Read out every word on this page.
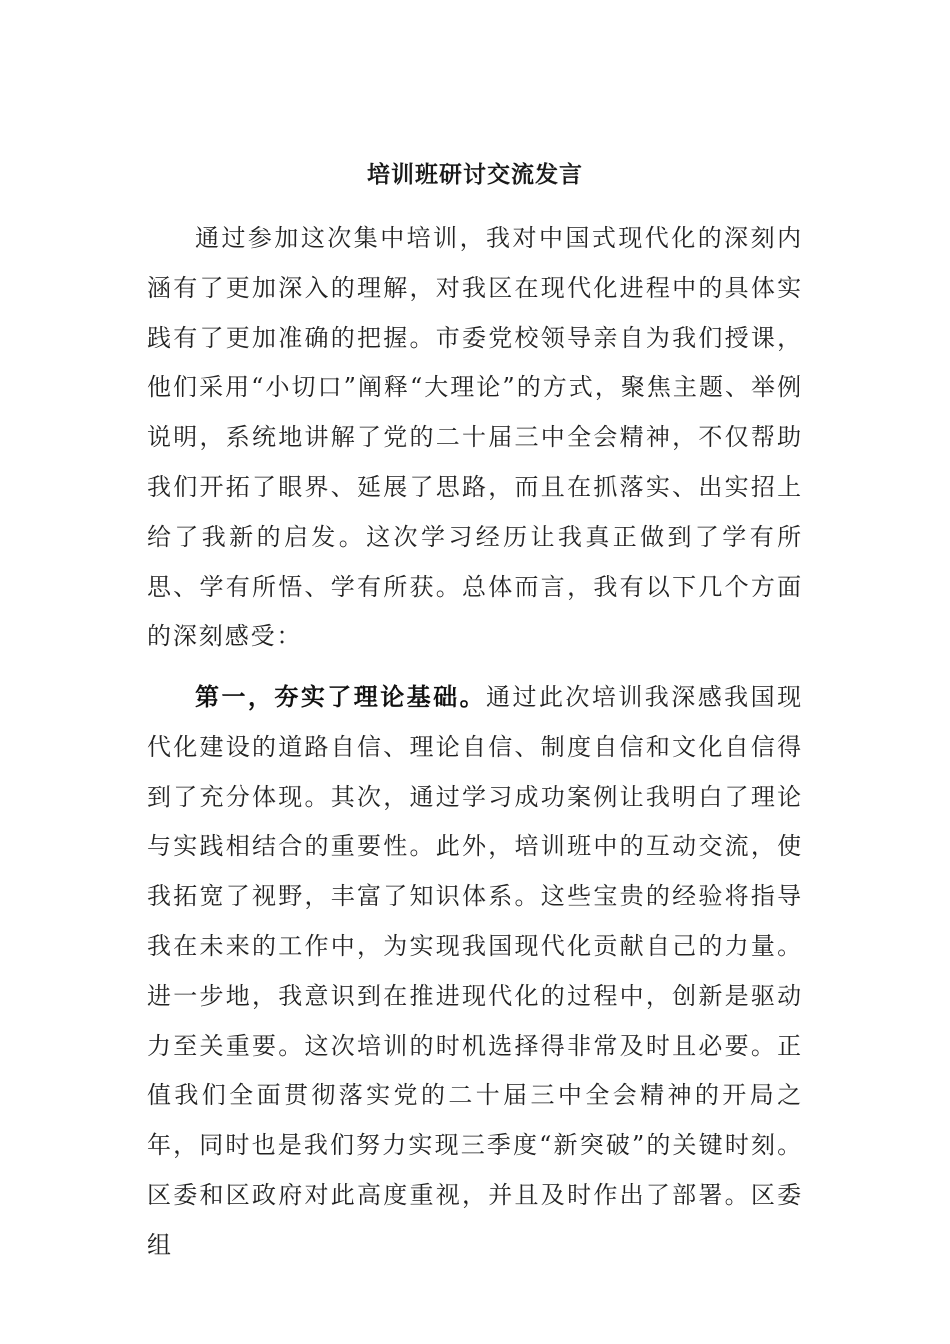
培训班研讨交流发言

通过参加这次集中培训，我对中国式现代化的深刻内涵有了更加深入的理解，对我区在现代化进程中的具体实践有了更加准确的把握。市委党校领导亲自为我们授课，他们采用“小切口”阐释“大理论”的方式，聚焦主题、举例说明，系统地讲解了党的二十届三中全会精神，不仅帮助我们开拓了眼界、延展了思路，而且在抓落实、出实招上给了我新的启发。这次学习经历让我真正做到了学有所思、学有所悟、学有所获。总体而言，我有以下几个方面的深刻感受：

第一，夯实了理论基础。通过此次培训我深感我国现代化建设的道路自信、理论自信、制度自信和文化自信得到了充分体现。其次，通过学习成功案例让我明白了理论与实践相结合的重要性。此外，培训班中的互动交流，使我拓宽了视野，丰富了知识体系。这些宝贵的经验将指导我在未来的工作中，为实现我国现代化贡献自己的力量。进一步地，我意识到在推进现代化的过程中，创新是驱动力至关重要。这次培训的时机选择得非常及时且必要。正值我们全面贯彻落实党的二十届三中全会精神的开局之年，同时也是我们努力实现三季度“新突破”的关键时刻。区委和区政府对此高度重视，并且及时作出了部署。区委组
